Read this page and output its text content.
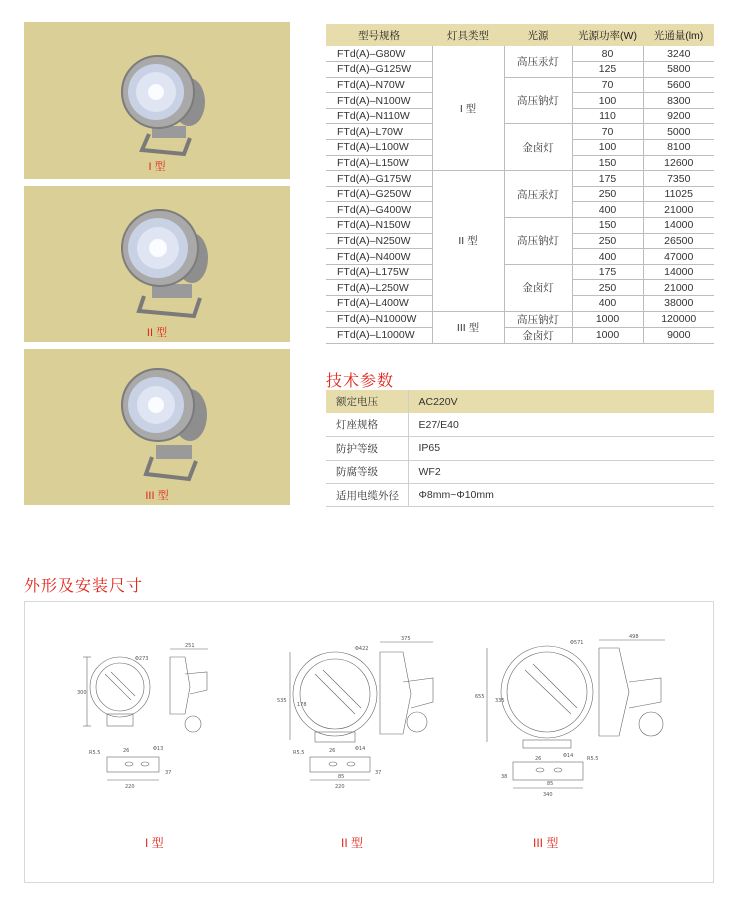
I 型
II 型
III 型
型号规格	灯具类型	光源	光源功率(W)	光通量(lm)
FTd(A)–G80W	I 型	高压汞灯	80	3240
FTd(A)–G125W			125	5800
FTd(A)–N70W		高压钠灯	70	5600
FTd(A)–N100W			100	8300
FTd(A)–N110W			110	9200
FTd(A)–L70W		金卤灯	70	5000
FTd(A)–L100W			100	8100
FTd(A)–L150W			150	12600
FTd(A)–G175W	II 型	高压汞灯	175	7350
FTd(A)–G250W			250	11025
FTd(A)–G400W			400	21000
FTd(A)–N150W		高压钠灯	150	14000
FTd(A)–N250W			250	26500
FTd(A)–N400W			400	47000
FTd(A)–L175W		金卤灯	175	14000
FTd(A)–L250W			250	21000
FTd(A)–L400W			400	38000
FTd(A)–N1000W	III 型	高压钠灯	1000	120000
FTd(A)–L1000W		金卤灯	1000	9000
技术参数
额定电压	AC220V
灯座规格	E27/E40
防护等级	IP65
防腐等级	WF2
适用电缆外径	Φ8mm~Φ10mm
外形及安装尺寸
Φ273
251
300
220
26	Φ13
R5.5
37
Φ422
375
535
178
220
85
26	Φ14
R5.5
37
Φ571
498
655
335
340
85
26	Φ14	R5.5
38
I 型	II 型	III 型
